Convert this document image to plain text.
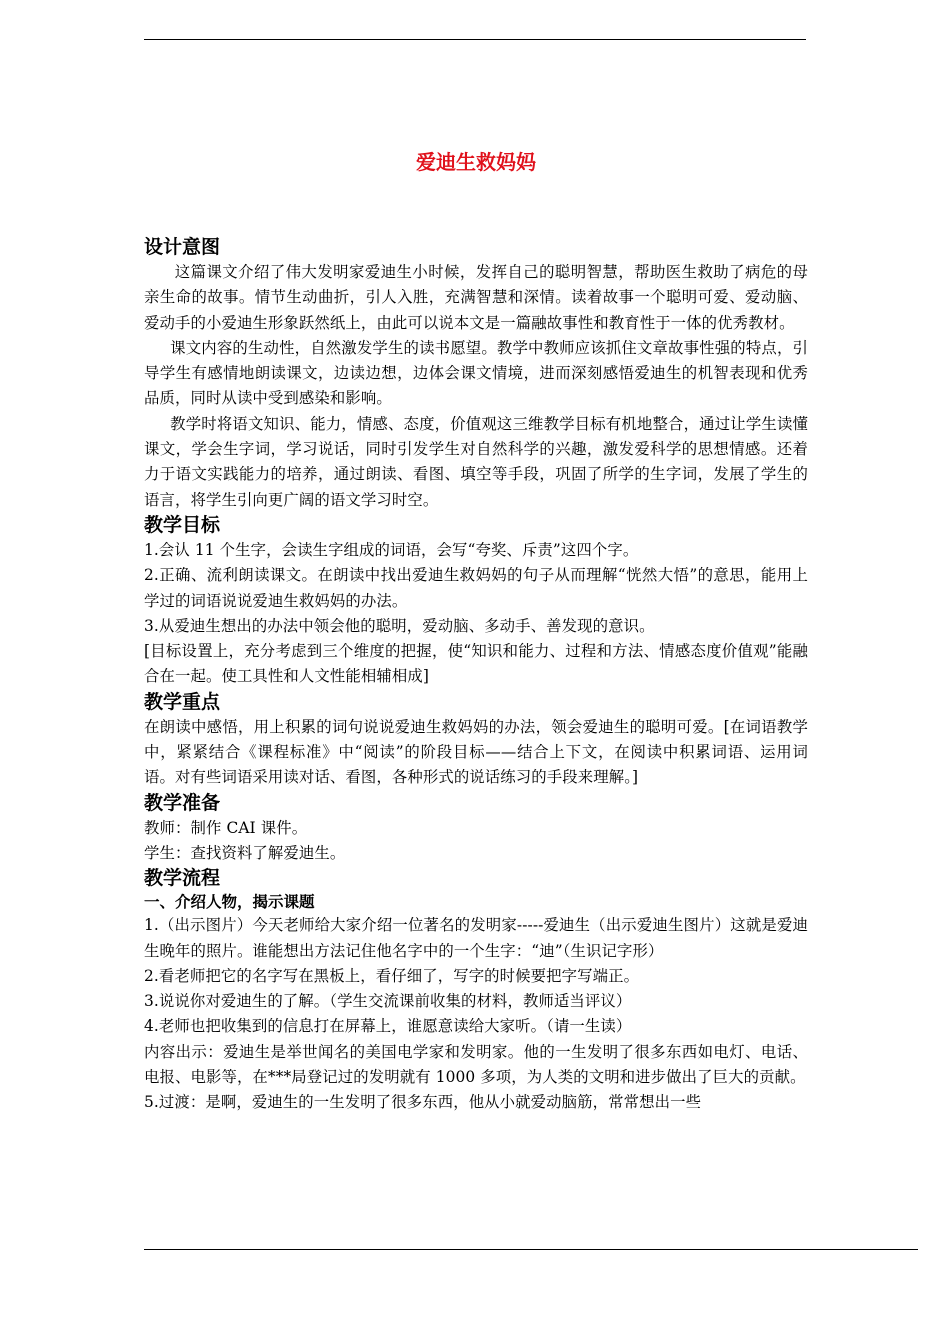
爱迪生救妈妈
设计意图

这篇课文介绍了伟大发明家爱迪生小时候，发挥自己的聪明智慧，帮助医生救助了病危的母亲生命的故事。情节生动曲折，引人入胜，充满智慧和深情。读着故事一个聪明可爱、爱动脑、爱动手的小爱迪生形象跃然纸上，由此可以说本文是一篇融故事性和教育性于一体的优秀教材。

课文内容的生动性，自然激发学生的读书愿望。教学中教师应该抓住文章故事性强的特点，引导学生有感情地朗读课文，边读边想，边体会课文情境，进而深刻感悟爱迪生的机智表现和优秀品质，同时从读中受到感染和影响。

教学时将语文知识、能力，情感、态度，价值观这三维教学目标有机地整合，通过让学生读懂课文，学会生字词，学习说话，同时引发学生对自然科学的兴趣，激发爱科学的思想情感。还着力于语文实践能力的培养，通过朗读、看图、填空等手段，巩固了所学的生字词，发展了学生的语言，将学生引向更广阔的语文学习时空。

教学目标

1.会认 11 个生字，会读生字组成的词语，会写“夸奖、斥责”这四个字。

2.正确、流利朗读课文。在朗读中找出爱迪生救妈妈的句子从而理解“恍然大悟”的意思，能用上学过的词语说说爱迪生救妈妈的办法。

3.从爱迪生想出的办法中领会他的聪明，爱动脑、多动手、善发现的意识。

[目标设置上，充分考虑到三个维度的把握，使“知识和能力、过程和方法、情感态度价值观”能融合在一起。使工具性和人文性能相辅相成]

教学重点

在朗读中感悟，用上积累的词句说说爱迪生救妈妈的办法，领会爱迪生的聪明可爱。[在词语教学中，紧紧结合《课程标准》中“阅读”的阶段目标——结合上下文，在阅读中积累词语、运用词语。对有些词语采用读对话、看图，各种形式的说话练习的手段来理解。]

教学准备

教师：制作 CAI 课件。

学生：查找资料了解爱迪生。

教学流程
一、介绍人物，揭示课题

1.（出示图片）今天老师给大家介绍一位著名的发明家-----爱迪生（出示爱迪生图片）这就是爱迪生晚年的照片。谁能想出方法记住他名字中的一个生字：“迪”（生识记字形）

2.看老师把它的名字写在黑板上，看仔细了，写字的时候要把字写端正。

3.说说你对爱迪生的了解。（学生交流课前收集的材料，教师适当评议）

4.老师也把收集到的信息打在屏幕上，谁愿意读给大家听。（请一生读）

内容出示：爱迪生是举世闻名的美国电学家和发明家。他的一生发明了很多东西如电灯、电话、电报、电影等，在***局登记过的发明就有 1000 多项，为人类的文明和进步做出了巨大的贡献。

5.过渡：是啊，爱迪生的一生发明了很多东西，他从小就爱动脑筋，常常想出一些
